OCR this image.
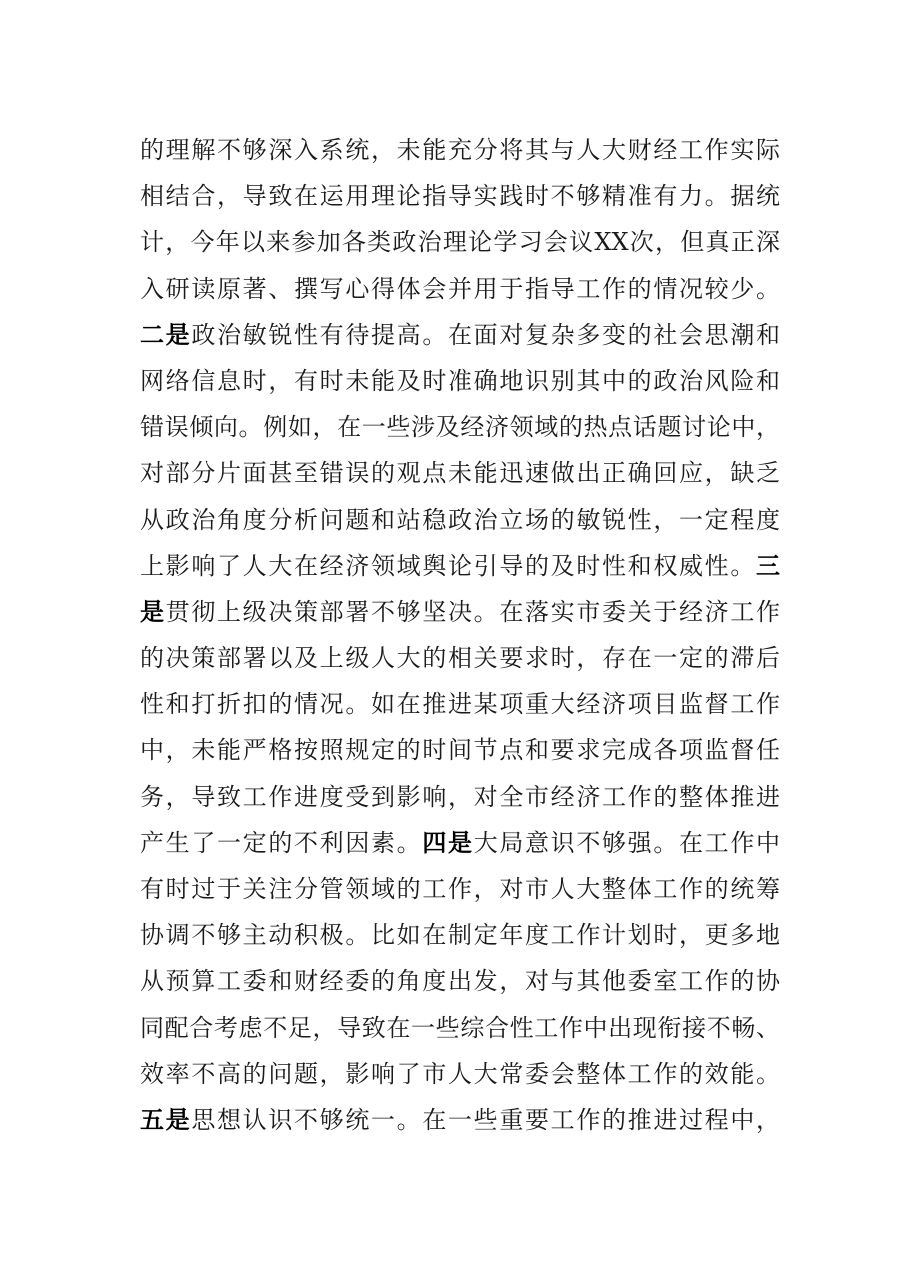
的理解不够深入系统，未能充分将其与人大财经工作实际
相结合，导致在运用理论指导实践时不够精准有力。据统
计，今年以来参加各类政治理论学习会议XX次，但真正深
入研读原著、撰写心得体会并用于指导工作的情况较少。
二是政治敏锐性有待提高。在面对复杂多变的社会思潮和
网络信息时，有时未能及时准确地识别其中的政治风险和
错误倾向。例如，在一些涉及经济领域的热点话题讨论中，
对部分片面甚至错误的观点未能迅速做出正确回应，缺乏
从政治角度分析问题和站稳政治立场的敏锐性，一定程度
上影响了人大在经济领域舆论引导的及时性和权威性。三
是贯彻上级决策部署不够坚决。在落实市委关于经济工作
的决策部署以及上级人大的相关要求时，存在一定的滞后
性和打折扣的情况。如在推进某项重大经济项目监督工作
中，未能严格按照规定的时间节点和要求完成各项监督任
务，导致工作进度受到影响，对全市经济工作的整体推进
产生了一定的不利因素。四是大局意识不够强。在工作中
有时过于关注分管领域的工作，对市人大整体工作的统筹
协调不够主动积极。比如在制定年度工作计划时，更多地
从预算工委和财经委的角度出发，对与其他委室工作的协
同配合考虑不足，导致在一些综合性工作中出现衔接不畅、
效率不高的问题，影响了市人大常委会整体工作的效能。
五是思想认识不够统一。在一些重要工作的推进过程中，
